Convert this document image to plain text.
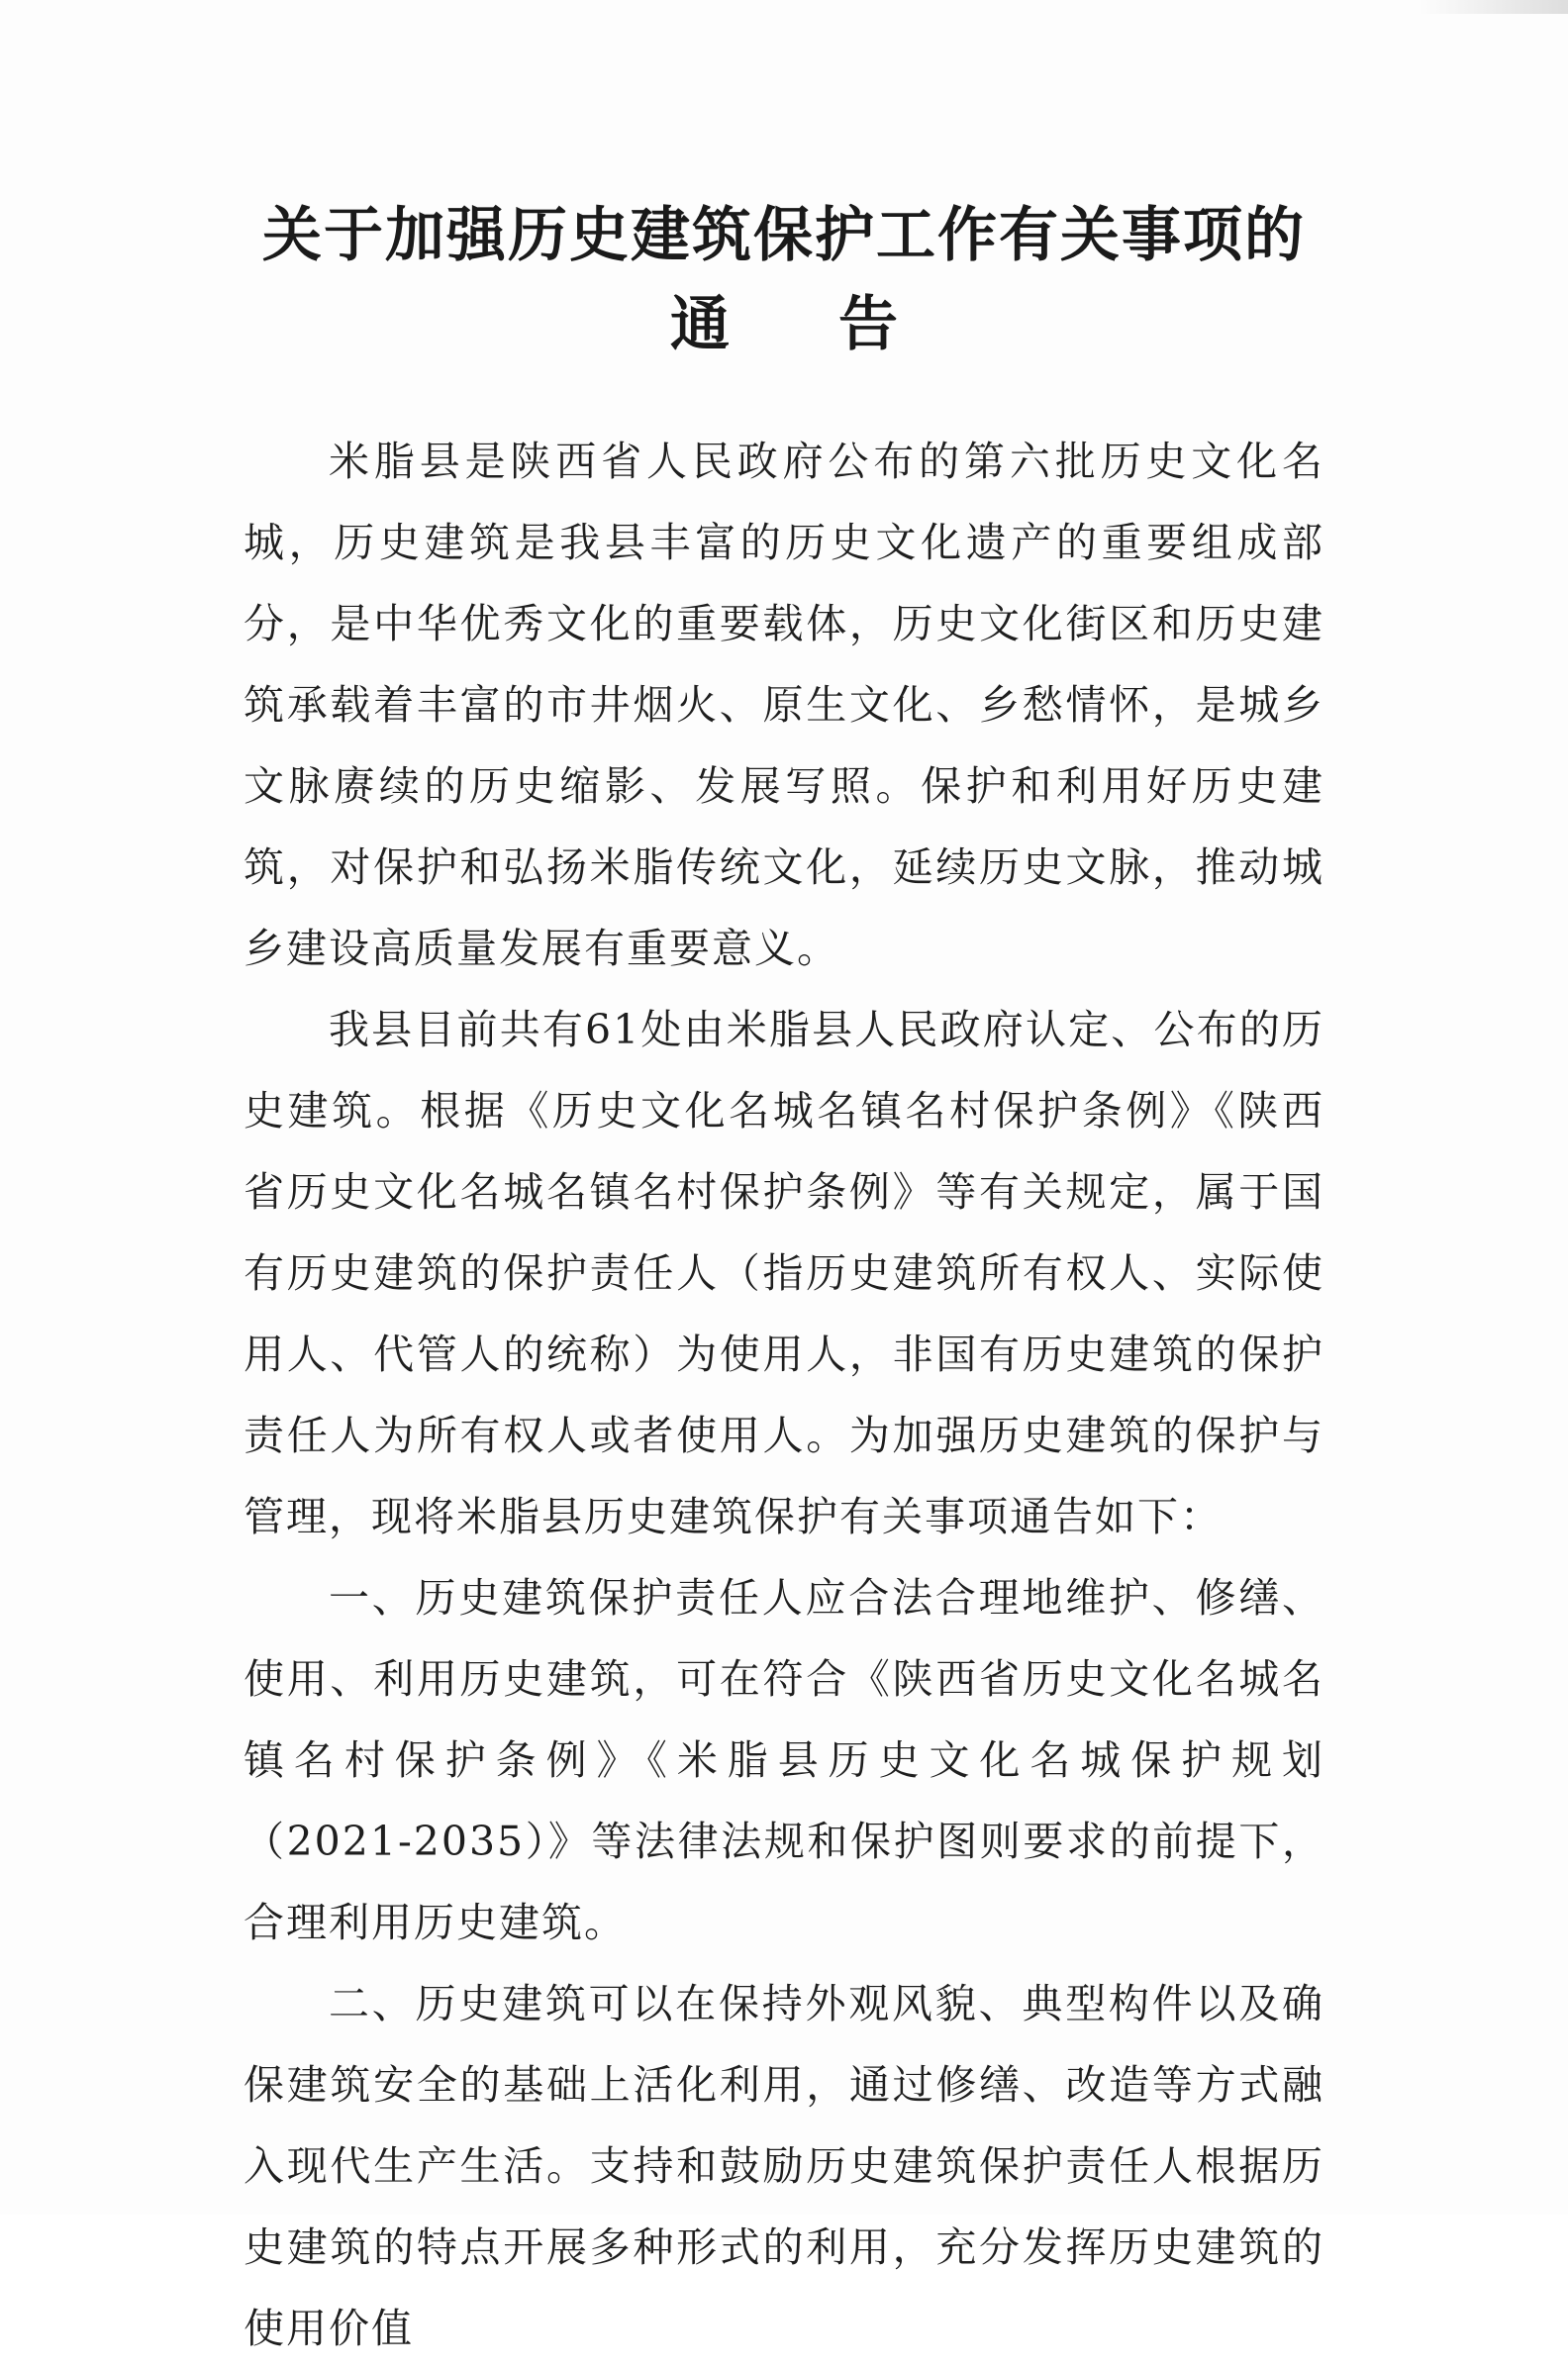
关于加强历史建筑保护工作有关事项的
通告

米脂县是陕西省人民政府公布的第六批历史文化名城，历史建筑是我县丰富的历史文化遗产的重要组成部分，是中华优秀文化的重要载体，历史文化街区和历史建筑承载着丰富的市井烟火、原生文化、乡愁情怀，是城乡文脉赓续的历史缩影、发展写照。保护和利用好历史建筑，对保护和弘扬米脂传统文化，延续历史文脉，推动城乡建设高质量发展有重要意义。

我县目前共有61处由米脂县人民政府认定、公布的历史建筑。根据《历史文化名城名镇名村保护条例》《陕西省历史文化名城名镇名村保护条例》等有关规定，属于国有历史建筑的保护责任人（指历史建筑所有权人、实际使用人、代管人的统称）为使用人，非国有历史建筑的保护责任人为所有权人或者使用人。为加强历史建筑的保护与管理，现将米脂县历史建筑保护有关事项通告如下：

一、历史建筑保护责任人应合法合理地维护、修缮、使用、利用历史建筑，可在符合《陕西省历史文化名城名镇名村保护条例》《米脂县历史文化名城保护规划（2021-2035）》等法律法规和保护图则要求的前提下，合理利用历史建筑。

二、历史建筑可以在保持外观风貌、典型构件以及确保建筑安全的基础上活化利用，通过修缮、改造等方式融入现代生产生活。支持和鼓励历史建筑保护责任人根据历史建筑的特点开展多种形式的利用，充分发挥历史建筑的使用价值
